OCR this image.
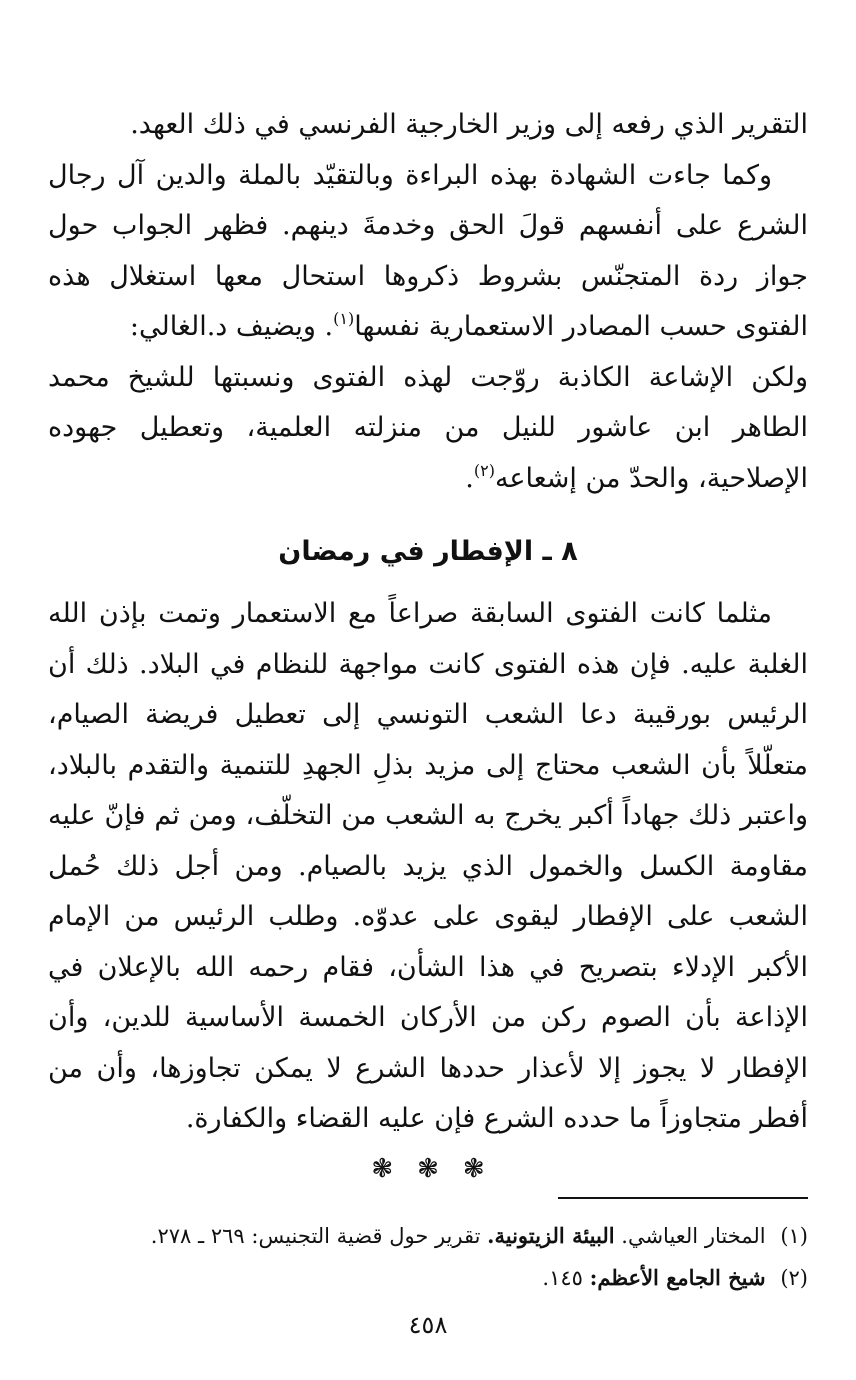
التقرير الذي رفعه إلى وزير الخارجية الفرنسي في ذلك العهد.

وكما جاءت الشهادة بهذه البراءة وبالتقيّد بالملة والدين آل رجال الشرع على أنفسهم قولَ الحق وخدمةَ دينهم. فظهر الجواب حول جواز ردة المتجنّس بشروط ذكروها استحال معها استغلال هذه الفتوى حسب المصادر الاستعمارية نفسها$^{(١)}$. ويضيف د.الغالي:

ولكن الإشاعة الكاذبة روّجت لهذه الفتوى ونسبتها للشيخ محمد الطاهر ابن عاشور للنيل من منزلته العلمية، وتعطيل جهوده الإصلاحية، والحدّ من إشعاعه$^{(٢)}$.

٨ ـ الإفطار في رمضان

مثلما كانت الفتوى السابقة صراعاً مع الاستعمار وتمت بإذن الله الغلبة عليه. فإن هذه الفتوى كانت مواجهة للنظام في البلاد. ذلك أن الرئيس بورقيبة دعا الشعب التونسي إلى تعطيل فريضة الصيام، متعلّلاً بأن الشعب محتاج إلى مزيد بذلِ الجهدِ للتنمية والتقدم بالبلاد، واعتبر ذلك جهاداً أكبر يخرج به الشعب من التخلّف، ومن ثم فإنّ عليه مقاومة الكسل والخمول الذي يزيد بالصيام. ومن أجل ذلك حُمل الشعب على الإفطار ليقوى على عدوّه. وطلب الرئيس من الإمام الأكبر الإدلاء بتصريح في هذا الشأن، فقام رحمه الله بالإعلان في الإذاعة بأن الصوم ركن من الأركان الخمسة الأساسية للدين، وأن الإفطار لا يجوز إلا لأعذار حددها الشرع لا يمكن تجاوزها، وأن من أفطر متجاوزاً ما حدده الشرع فإن عليه القضاء والكفارة.

❃
❃
❃

(١) المختار العياشي. البيئة الزيتونية. تقرير حول قضية التجنيس: ٢٦٩ ـ ٢٧٨.

(٢) شيخ الجامع الأعظم: ١٤٥.

٤٥٨
